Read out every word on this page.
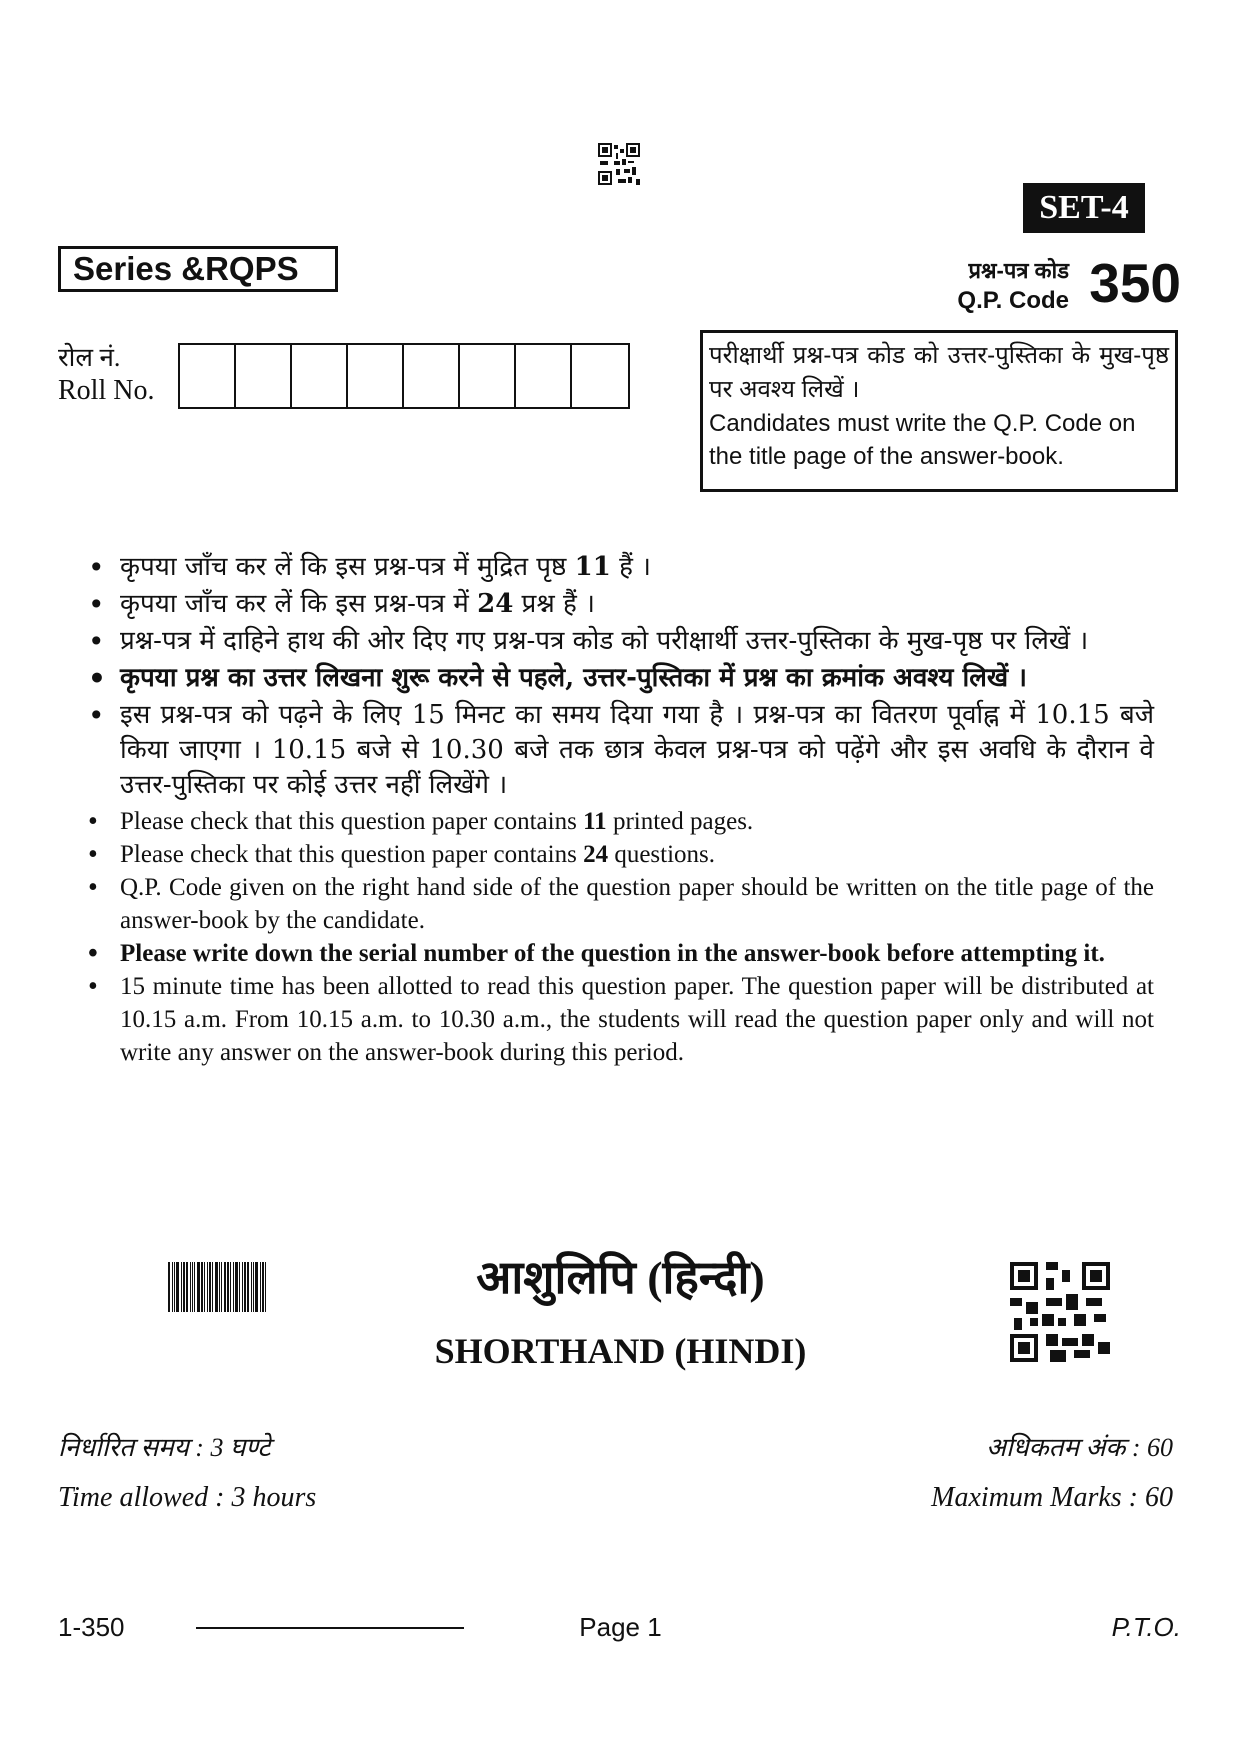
SET-4
Series &RQPS	प्रश्न-पत्र कोड
Q.P. Code 350
रोल नं.
Roll No.
परीक्षार्थी प्रश्न-पत्र कोड को उत्तर-पुस्तिका के मुख-पृष्ठ पर अवश्य लिखें ।
Candidates must write the Q.P. Code on the title page of the answer-book.
• कृपया जाँच कर लें कि इस प्रश्न-पत्र में मुद्रित पृष्ठ 11 हैं ।
• कृपया जाँच कर लें कि इस प्रश्न-पत्र में 24 प्रश्न हैं ।
• प्रश्न-पत्र में दाहिने हाथ की ओर दिए गए प्रश्न-पत्र कोड को परीक्षार्थी उत्तर-पुस्तिका के मुख-पृष्ठ पर लिखें ।
• कृपया प्रश्न का उत्तर लिखना शुरू करने से पहले, उत्तर-पुस्तिका में प्रश्न का क्रमांक अवश्य लिखें ।
• इस प्रश्न-पत्र को पढ़ने के लिए 15 मिनट का समय दिया गया है । प्रश्न-पत्र का वितरण पूर्वाह्न में 10.15 बजे किया जाएगा । 10.15 बजे से 10.30 बजे तक छात्र केवल प्रश्न-पत्र को पढ़ेंगे और इस अवधि के दौरान वे उत्तर-पुस्तिका पर कोई उत्तर नहीं लिखेंगे ।
• Please check that this question paper contains 11 printed pages.
• Please check that this question paper contains 24 questions.
• Q.P. Code given on the right hand side of the question paper should be written on the title page of the answer-book by the candidate.
• Please write down the serial number of the question in the answer-book before attempting it.
• 15 minute time has been allotted to read this question paper. The question paper will be distributed at 10.15 a.m. From 10.15 a.m. to 10.30 a.m., the students will read the question paper only and will not write any answer on the answer-book during this period.
आशुलिपि (हिन्दी)
SHORTHAND (HINDI)
निर्धारित समय : 3 घण्टे
Time allowed : 3 hours
अधिकतम अंक : 60
Maximum Marks : 60
1-350	Page 1	P.T.O.
